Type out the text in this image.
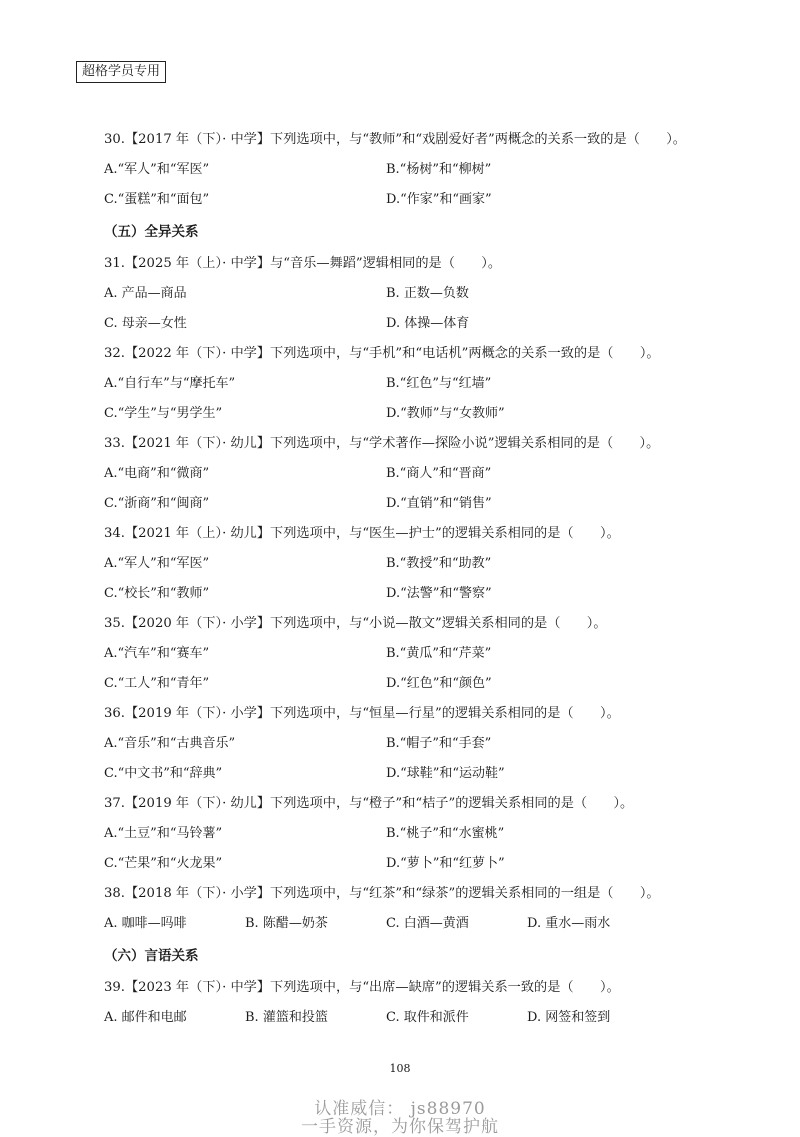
超格学员专用
30.【2017 年（下）· 中学】下列选项中，与“教师”和“戏剧爱好者”两概念的关系一致的是（　　）。
A.“军人”和“军医”	B.“杨树”和“柳树”
C.“蛋糕”和“面包”	D.“作家”和“画家”
（五）全异关系
31.【2025 年（上）· 中学】与“音乐—舞蹈”逻辑相同的是（　　）。
A. 产品—商品	B. 正数—负数
C. 母亲—女性	D. 体操—体育
32.【2022 年（下）· 中学】下列选项中，与“手机”和“电话机”两概念的关系一致的是（　　）。
A.“自行车”与“摩托车”	B.“红色”与“红墙”
C.“学生”与“男学生”	D.“教师”与“女教师”
33.【2021 年（下）· 幼儿】下列选项中，与“学术著作—探险小说”逻辑关系相同的是（　　）。
A.“电商”和“微商”	B.“商人”和“晋商”
C.“浙商”和“闽商”	D.“直销”和“销售”
34.【2021 年（上）· 幼儿】下列选项中，与“医生—护士”的逻辑关系相同的是（　　）。
A.“军人”和“军医”	B.“教授”和“助教”
C.“校长”和“教师”	D.“法警”和“警察”
35.【2020 年（下）· 小学】下列选项中，与“小说—散文”逻辑关系相同的是（　　）。
A.“汽车”和“赛车”	B.“黄瓜”和“芹菜”
C.“工人”和“青年”	D.“红色”和“颜色”
36.【2019 年（下）· 小学】下列选项中，与“恒星—行星”的逻辑关系相同的是（　　）。
A.“音乐”和“古典音乐”	B.“帽子”和“手套”
C.“中文书”和“辞典”	D.“球鞋”和“运动鞋”
37.【2019 年（下）· 幼儿】下列选项中，与“橙子”和“桔子”的逻辑关系相同的是（　　）。
A.“土豆”和“马铃薯”	B.“桃子”和“水蜜桃”
C.“芒果”和“火龙果”	D.“萝卜”和“红萝卜”
38.【2018 年（下）· 小学】下列选项中，与“红茶”和“绿茶”的逻辑关系相同的一组是（　　）。
A. 咖啡—吗啡	B. 陈醋—奶茶	C. 白酒—黄酒	D. 重水—雨水
（六）言语关系
39.【2023 年（下）· 中学】下列选项中，与“出席—缺席”的逻辑关系一致的是（　　）。
A. 邮件和电邮	B. 灌篮和投篮	C. 取件和派件	D. 网签和签到
108
认准威信： js88970
一手资源，为你保驾护航
